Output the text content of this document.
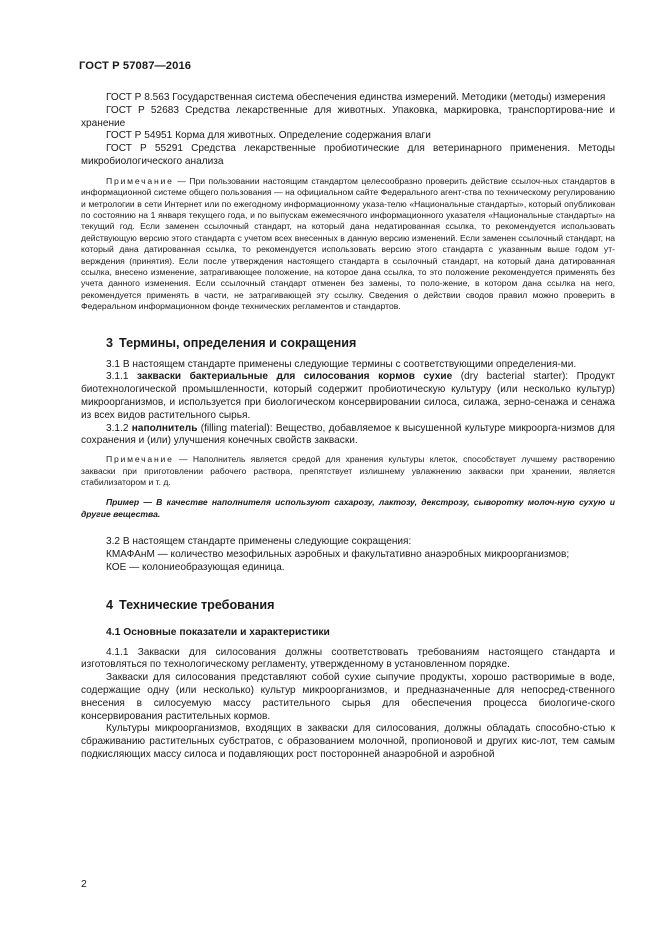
ГОСТ Р 57087—2016

ГОСТ Р 8.563 Государственная система обеспечения единства измерений. Методики (методы) измерения

ГОСТ Р 52683 Средства лекарственные для животных. Упаковка, маркировка, транспортирова-ние и хранение

ГОСТ Р 54951 Корма для животных. Определение содержания влаги

ГОСТ Р 55291 Средства лекарственные пробиотические для ветеринарного применения. Методы микробиологического анализа

Примечание — При пользовании настоящим стандартом целесообразно проверить действие ссылоч-ных стандартов в информационной системе общего пользования — на официальном сайте Федерального агент-ства по техническому регулированию и метрологии в сети Интернет или по ежегодному информационному указа-телю «Национальные стандарты», который опубликован по состоянию на 1 января текущего года, и по выпускам ежемесячного информационного указателя «Национальные стандарты» на текущий год. Если заменен ссылочный стандарт, на который дана недатированная ссылка, то рекомендуется использовать действующую версию этого стандарта с учетом всех внесенных в данную версию изменений. Если заменен ссылочный стандарт, на который дана датированная ссылка, то рекомендуется использовать версию этого стандарта с указанным выше годом ут-верждения (принятия). Если после утверждения настоящего стандарта в ссылочный стандарт, на который дана датированная ссылка, внесено изменение, затрагивающее положение, на которое дана ссылка, то это положение рекомендуется применять без учета данного изменения. Если ссылочный стандарт отменен без замены, то поло-жение, в котором дана ссылка на него, рекомендуется применять в части, не затрагивающей эту ссылку. Сведения о действии сводов правил можно проверить в Федеральном информационном фонде технических регламентов и стандартов.

3 Термины, определения и сокращения

3.1 В настоящем стандарте применены следующие термины с соответствующими определения-ми.

3.1.1 закваски бактериальные для силосования кормов сухие (dry bacterial starter): Продукт биотехнологической промышленности, который содержит пробиотическую культуру (или несколько культур) микроорганизмов, и используется при биологическом консервировании силоса, силажа, зерно-сенажа и сенажа из всех видов растительного сырья.

3.1.2 наполнитель (filling material): Вещество, добавляемое к высушенной культуре микроорга-низмов для сохранения и (или) улучшения конечных свойств закваски.

Примечание — Наполнитель является средой для хранения культуры клеток, способствует лучшему растворению закваски при приготовлении рабочего раствора, препятствует излишнему увлажнению закваски при хранении, является стабилизатором и т. д.

Пример — В качестве наполнителя используют сахарозу, лактозу, декстрозу, сыворотку молоч-ную сухую и другие вещества.

3.2 В настоящем стандарте применены следующие сокращения:

КМАФАнМ — количество мезофильных аэробных и факультативно анаэробных микроорганизмов;

КОЕ — колониеобразующая единица.

4 Технические требования
4.1 Основные показатели и характеристики

4.1.1 Закваски для силосования должны соответствовать требованиям настоящего стандарта и изготовляться по технологическому регламенту, утвержденному в установленном порядке.

Закваски для силосования представляют собой сухие сыпучие продукты, хорошо растворимые в воде, содержащие одну (или несколько) культур микроорганизмов, и предназначенные для непосред-ственного внесения в силосуемую массу растительного сырья для обеспечения процесса биологиче-ского консервирования растительных кормов.

Культуры микроорганизмов, входящих в закваски для силосования, должны обладать способно-стью к сбраживанию растительных субстратов, с образованием молочной, пропионовой и других кис-лот, тем самым подкисляющих массу силоса и подавляющих рост посторонней анаэробной и аэробной

2
